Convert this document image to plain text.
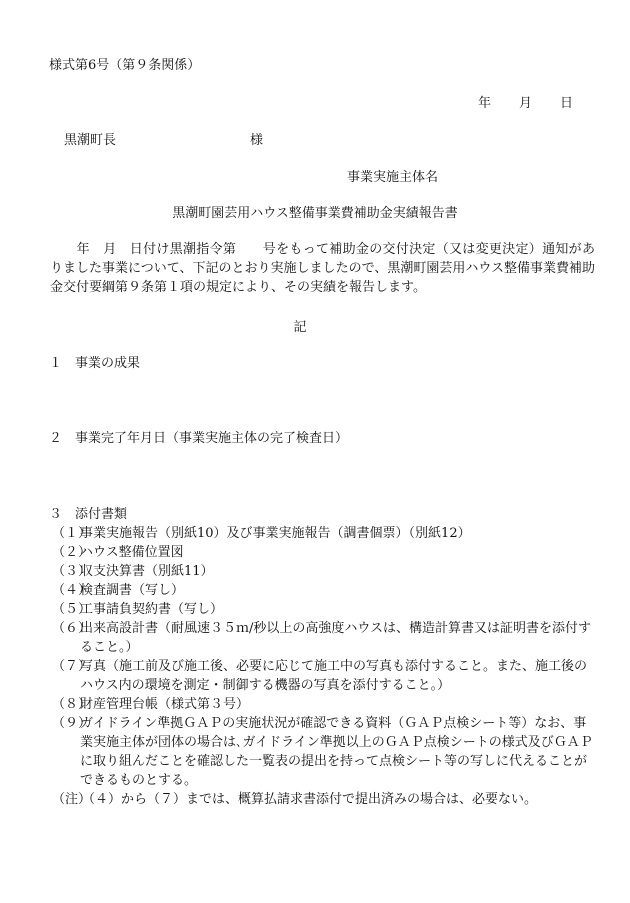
様式第6号（第９条関係）
年 月 日
黒潮町長	様
事業実施主体名
黒潮町園芸用ハウス整備事業費補助金実績報告書
　　年　月　日付け黒潮指令第　　号をもって補助金の交付決定（又は変更決定）通知がありました事業について、下記のとおり実施しましたので、黒潮町園芸用ハウス整備事業費補助金交付要綱第９条第１項の規定により、その実績を報告します。
記
１　事業の成果
２　事業完了年月日（事業実施主体の完了検査日）
３　添付書類
（１）
事業実施報告（別紙10）及び事業実施報告（調書個票）（別紙12）
（２）
ハウス整備位置図
（３）
収支決算書（別紙11）
（４）
検査調書（写し）
（５）
工事請負契約書（写し）
（６）
出来高設計書（耐風速３５ｍ/秒以上の高強度ハウスは、構造計算書又は証明書を添付すること。）
（７）
写真（施工前及び施工後、必要に応じて施工中の写真も添付すること。また、施工後のハウス内の環境を測定・制御する機器の写真を添付すること。）
（８）
財産管理台帳（様式第３号）
（９）
ガイドライン準拠ＧＡＰの実施状況が確認できる資料（ＧＡＰ点検シート等）なお、事業実施主体が団体の場合は､ガイドライン準拠以上のＧＡＰ点検シートの様式及びＧＡＰに取り組んだことを確認した一覧表の提出を持って点検シート等の写しに代えることができるものとする。
（注）
（４）から（７）までは、概算払請求書添付で提出済みの場合は、必要ない。
